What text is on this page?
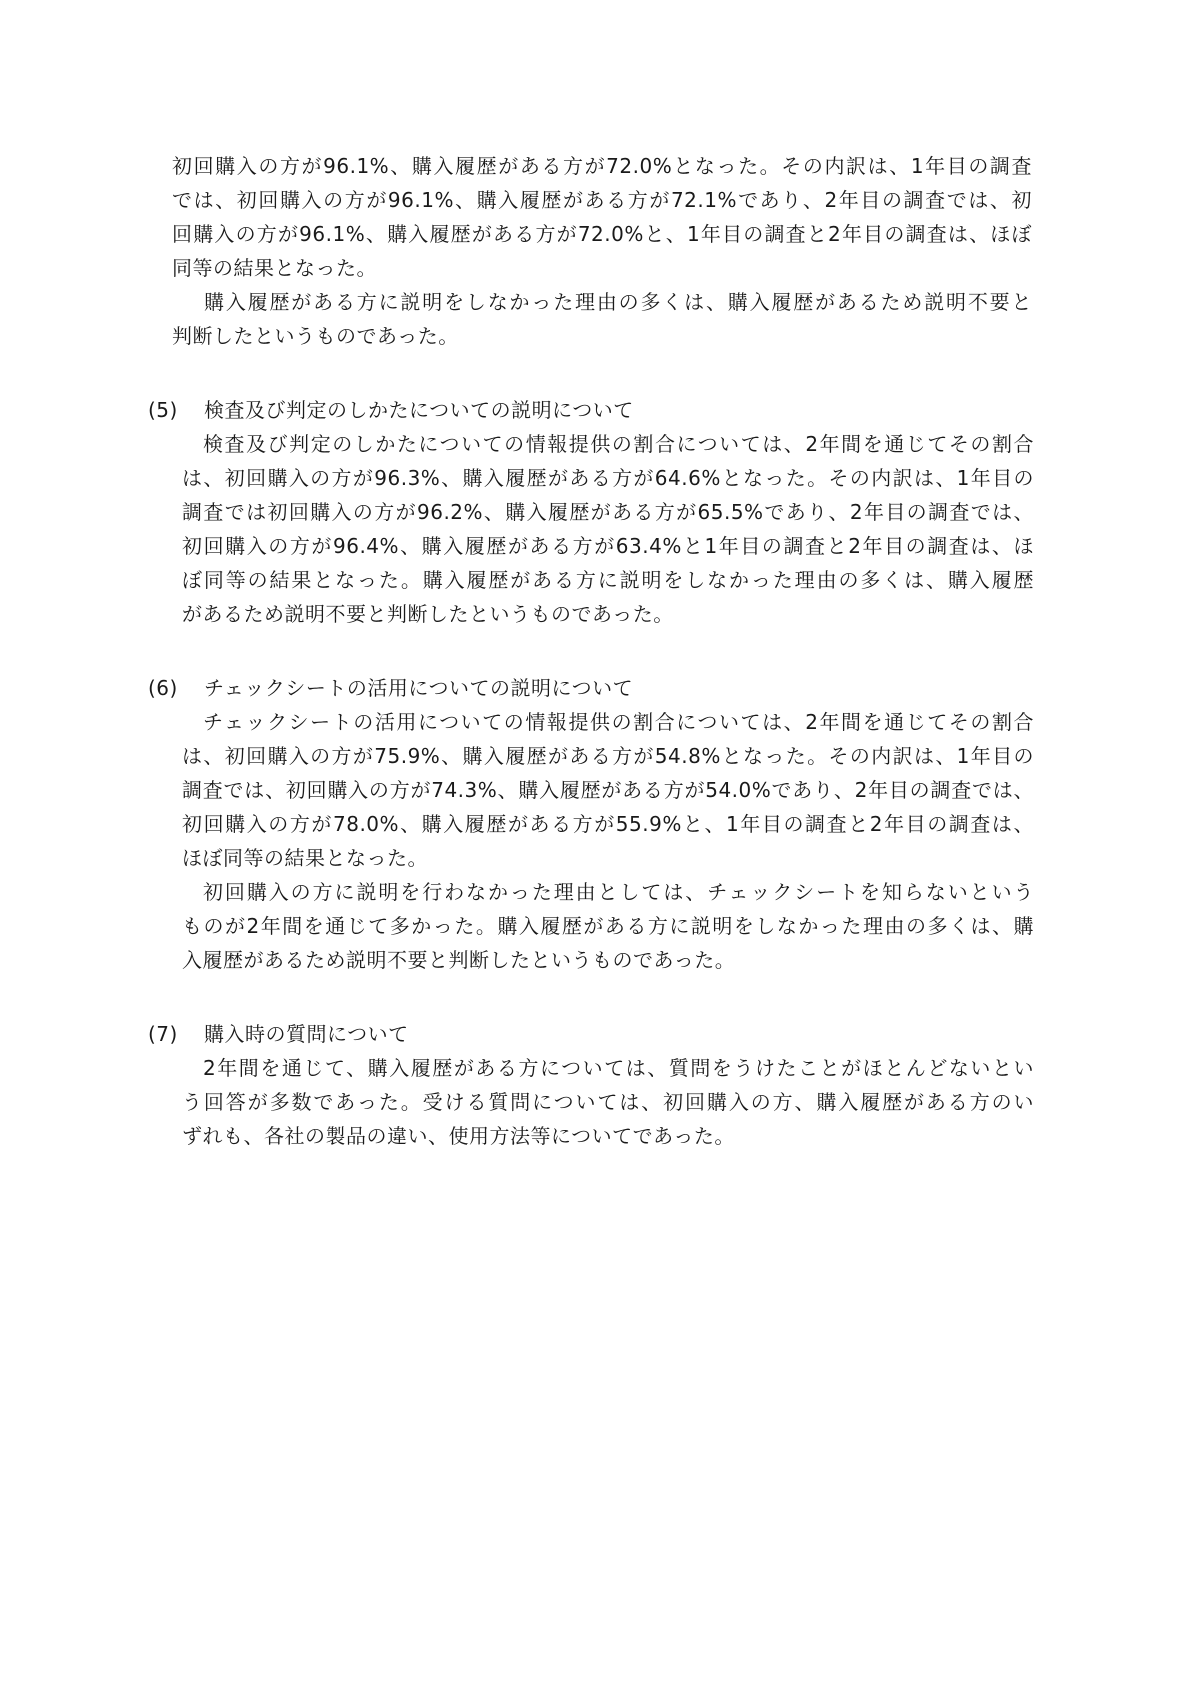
初回購入の方が96.1%、購入履歴がある方が72.0%となった。その内訳は、1年目の調査
では、初回購入の方が96.1%、購入履歴がある方が72.1%であり、2年目の調査では、初
回購入の方が96.1%、購入履歴がある方が72.0%と、1年目の調査と2年目の調査は、ほぼ
同等の結果となった。
購入履歴がある方に説明をしなかった理由の多くは、購入履歴があるため説明不要と
判断したというものであった。
(5) 検査及び判定のしかたについての説明について
検査及び判定のしかたについての情報提供の割合については、2年間を通じてその割合
は、初回購入の方が96.3%、購入履歴がある方が64.6%となった。その内訳は、1年目の
調査では初回購入の方が96.2%、購入履歴がある方が65.5%であり、2年目の調査では、
初回購入の方が96.4%、購入履歴がある方が63.4%と1年目の調査と2年目の調査は、ほ
ぼ同等の結果となった。購入履歴がある方に説明をしなかった理由の多くは、購入履歴
があるため説明不要と判断したというものであった。
(6) チェックシートの活用についての説明について
チェックシートの活用についての情報提供の割合については、2年間を通じてその割合
は、初回購入の方が75.9%、購入履歴がある方が54.8%となった。その内訳は、1年目の
調査では、初回購入の方が74.3%、購入履歴がある方が54.0%であり、2年目の調査では、
初回購入の方が78.0%、購入履歴がある方が55.9%と、1年目の調査と2年目の調査は、
ほぼ同等の結果となった。
初回購入の方に説明を行わなかった理由としては、チェックシートを知らないという
ものが2年間を通じて多かった。購入履歴がある方に説明をしなかった理由の多くは、購
入履歴があるため説明不要と判断したというものであった。
(7) 購入時の質問について
2年間を通じて、購入履歴がある方については、質問をうけたことがほとんどないとい
う回答が多数であった。受ける質問については、初回購入の方、購入履歴がある方のい
ずれも、各社の製品の違い、使用方法等についてであった。
